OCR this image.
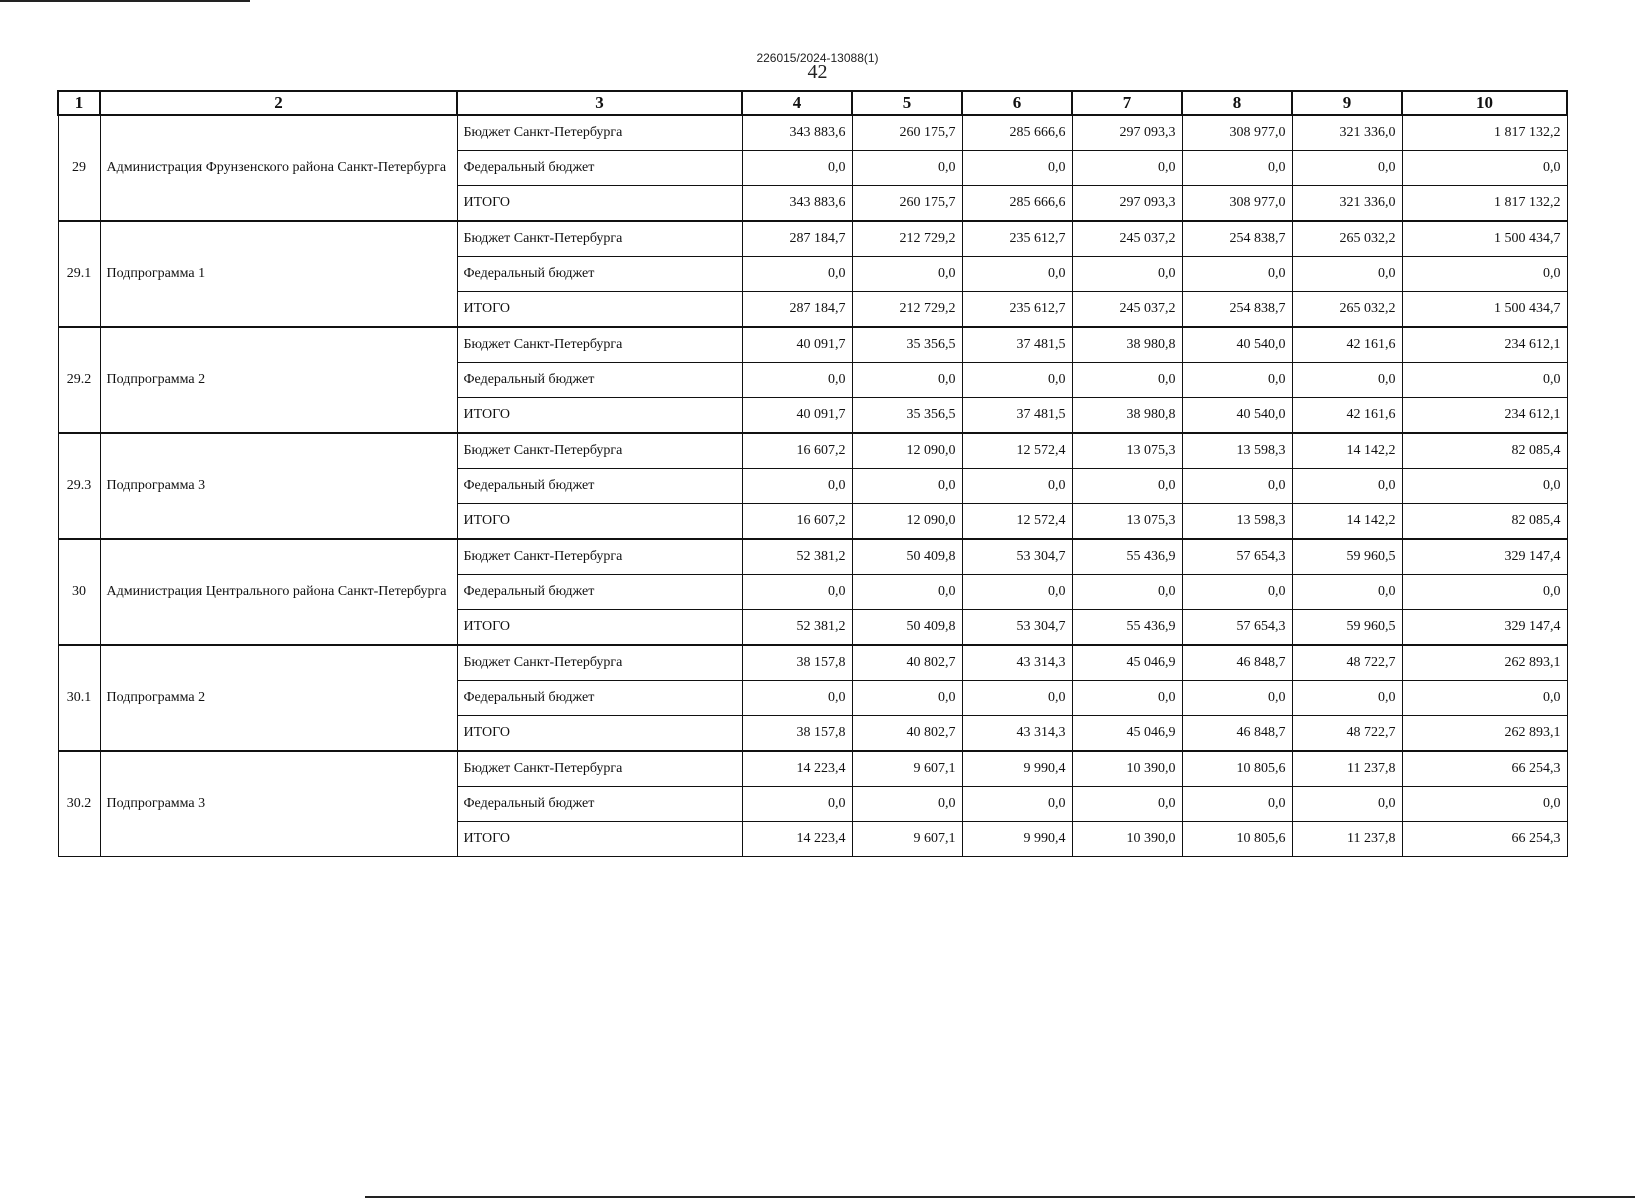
226015/2024-13088(1)
42
1	2	3	4	5	6	7	8	9	10
29	Администрация Фрунзенского района Санкт-Петербурга	Бюджет Санкт-Петербурга	343 883,6	260 175,7	285 666,6	297 093,3	308 977,0	321 336,0	1 817 132,2
		Федеральный бюджет	0,0	0,0	0,0	0,0	0,0	0,0	0,0
		ИТОГО	343 883,6	260 175,7	285 666,6	297 093,3	308 977,0	321 336,0	1 817 132,2
29.1	Подпрограмма 1	Бюджет Санкт-Петербурга	287 184,7	212 729,2	235 612,7	245 037,2	254 838,7	265 032,2	1 500 434,7
		Федеральный бюджет	0,0	0,0	0,0	0,0	0,0	0,0	0,0
		ИТОГО	287 184,7	212 729,2	235 612,7	245 037,2	254 838,7	265 032,2	1 500 434,7
29.2	Подпрограмма 2	Бюджет Санкт-Петербурга	40 091,7	35 356,5	37 481,5	38 980,8	40 540,0	42 161,6	234 612,1
		Федеральный бюджет	0,0	0,0	0,0	0,0	0,0	0,0	0,0
		ИТОГО	40 091,7	35 356,5	37 481,5	38 980,8	40 540,0	42 161,6	234 612,1
29.3	Подпрограмма 3	Бюджет Санкт-Петербурга	16 607,2	12 090,0	12 572,4	13 075,3	13 598,3	14 142,2	82 085,4
		Федеральный бюджет	0,0	0,0	0,0	0,0	0,0	0,0	0,0
		ИТОГО	16 607,2	12 090,0	12 572,4	13 075,3	13 598,3	14 142,2	82 085,4
30	Администрация Центрального района Санкт-Петербурга	Бюджет Санкт-Петербурга	52 381,2	50 409,8	53 304,7	55 436,9	57 654,3	59 960,5	329 147,4
		Федеральный бюджет	0,0	0,0	0,0	0,0	0,0	0,0	0,0
		ИТОГО	52 381,2	50 409,8	53 304,7	55 436,9	57 654,3	59 960,5	329 147,4
30.1	Подпрограмма 2	Бюджет Санкт-Петербурга	38 157,8	40 802,7	43 314,3	45 046,9	46 848,7	48 722,7	262 893,1
		Федеральный бюджет	0,0	0,0	0,0	0,0	0,0	0,0	0,0
		ИТОГО	38 157,8	40 802,7	43 314,3	45 046,9	46 848,7	48 722,7	262 893,1
30.2	Подпрограмма 3	Бюджет Санкт-Петербурга	14 223,4	9 607,1	9 990,4	10 390,0	10 805,6	11 237,8	66 254,3
		Федеральный бюджет	0,0	0,0	0,0	0,0	0,0	0,0	0,0
		ИТОГО	14 223,4	9 607,1	9 990,4	10 390,0	10 805,6	11 237,8	66 254,3
